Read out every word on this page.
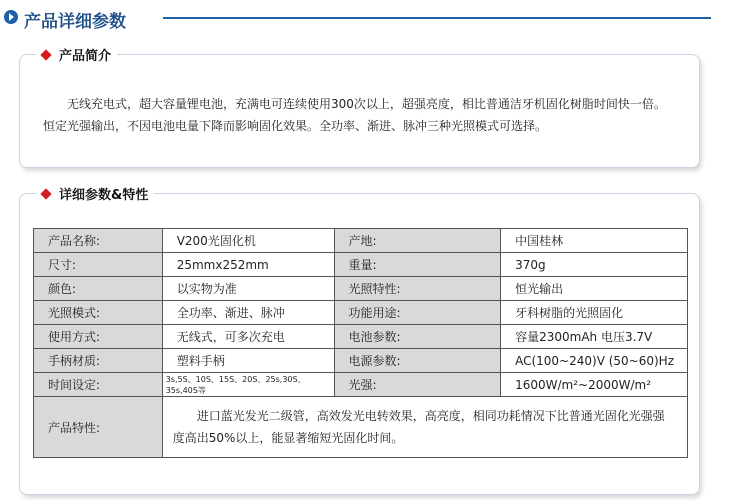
产品详细参数
产品简介
无线充电式，超大容量锂电池，充满电可连续使用300次以上，超强亮度，相比普通洁牙机固化树脂时间快一倍。恒定光强输出，不因电池电量下降而影响固化效果。全功率、渐进、脉冲三种光照模式可选择。
详细参数&特性
产品名称:	V200光固化机	产地:	中国桂林
尺寸:	25mmx252mm	重量:	370g
颜色:	以实物为准	光照特性:	恒光输出
光照模式:	全功率、渐进、脉冲	功能用途:	牙科树脂的光照固化
使用方式:	无线式，可多次充电	电池参数:	容量2300mAh 电压3.7V
手柄材质:	塑料手柄	电源参数:	AC(100~240)V (50~60)Hz
时间设定:	3s,5S、10S、15S、20S、25s,30S、35s,40S等	光强:	1600W/m²~2000W/m²
产品特性:	进口蓝光发光二级管，高效发光电转效果，高亮度，相同功耗情况下比普通光固化光强强度高出50%以上，能显著缩短光固化时间。		
